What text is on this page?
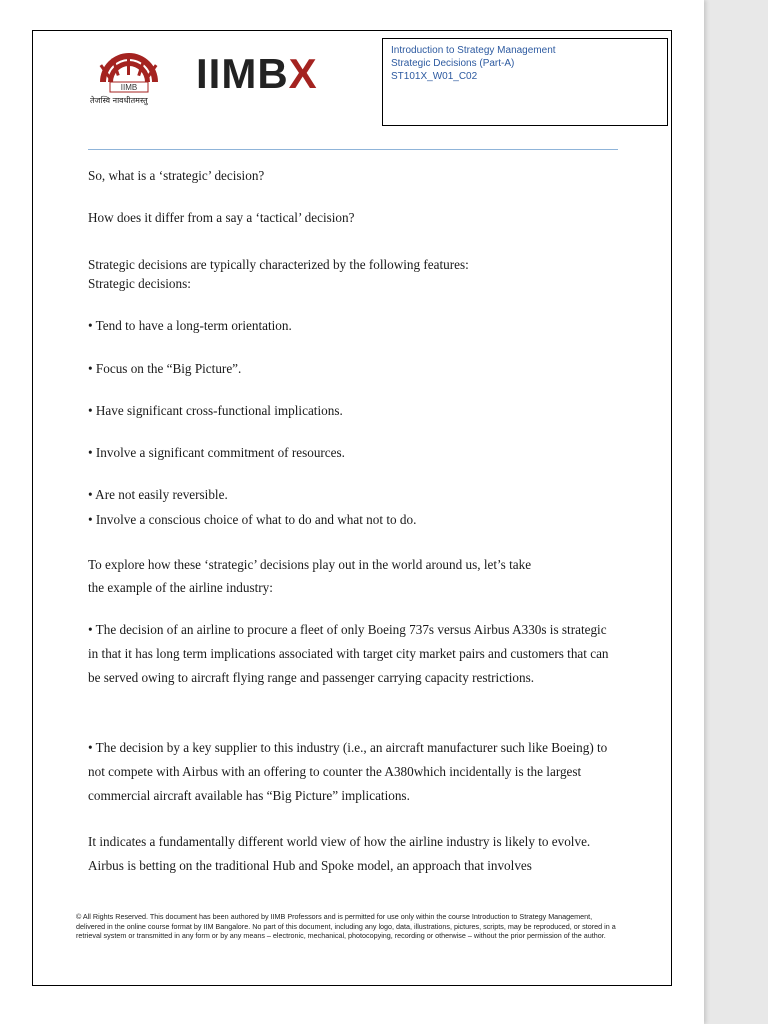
IIMB
तेजस्वि नावधीतमस्तु
IIMBX	Introduction to Strategy Management
Strategic Decisions (Part-A)
ST101X_W01_C02
So, what is a ‘strategic’ decision?
How does it differ from a say a ‘tactical’ decision?
Strategic decisions are typically characterized by the following features:
Strategic decisions:
• Tend to have a long-term orientation.
• Focus on the “Big Picture”.
• Have significant cross-functional implications.
• Involve a significant commitment of resources.
• Are not easily reversible.
• Involve a conscious choice of what to do and what not to do.
To explore how these ‘strategic’ decisions play out in the world around us, let’s take
the example of the airline industry:
• The decision of an airline to procure a fleet of only Boeing 737s versus Airbus A330s is strategic in that it has long term implications associated with target city market pairs and customers that can be served owing to aircraft flying range and passenger carrying capacity restrictions.
• The decision by a key supplier to this industry (i.e., an aircraft manufacturer such like Boeing) to not compete with Airbus with an offering to counter the A380which incidentally is the largest commercial aircraft available has “Big Picture” implications.
It indicates a fundamentally different world view of how the airline industry is likely to evolve. Airbus is betting on the traditional Hub and Spoke model, an approach that involves
© All Rights Reserved. This document has been authored by IIMB Professors and is permitted for use only within the course Introduction to Strategy Management, delivered in the online course format by IIM Bangalore. No part of this document, including any logo, data, illustrations, pictures, scripts, may be reproduced, or stored in a retrieval system or transmitted in any form or by any means – electronic, mechanical, photocopying, recording or otherwise – without the prior permission of the author.
